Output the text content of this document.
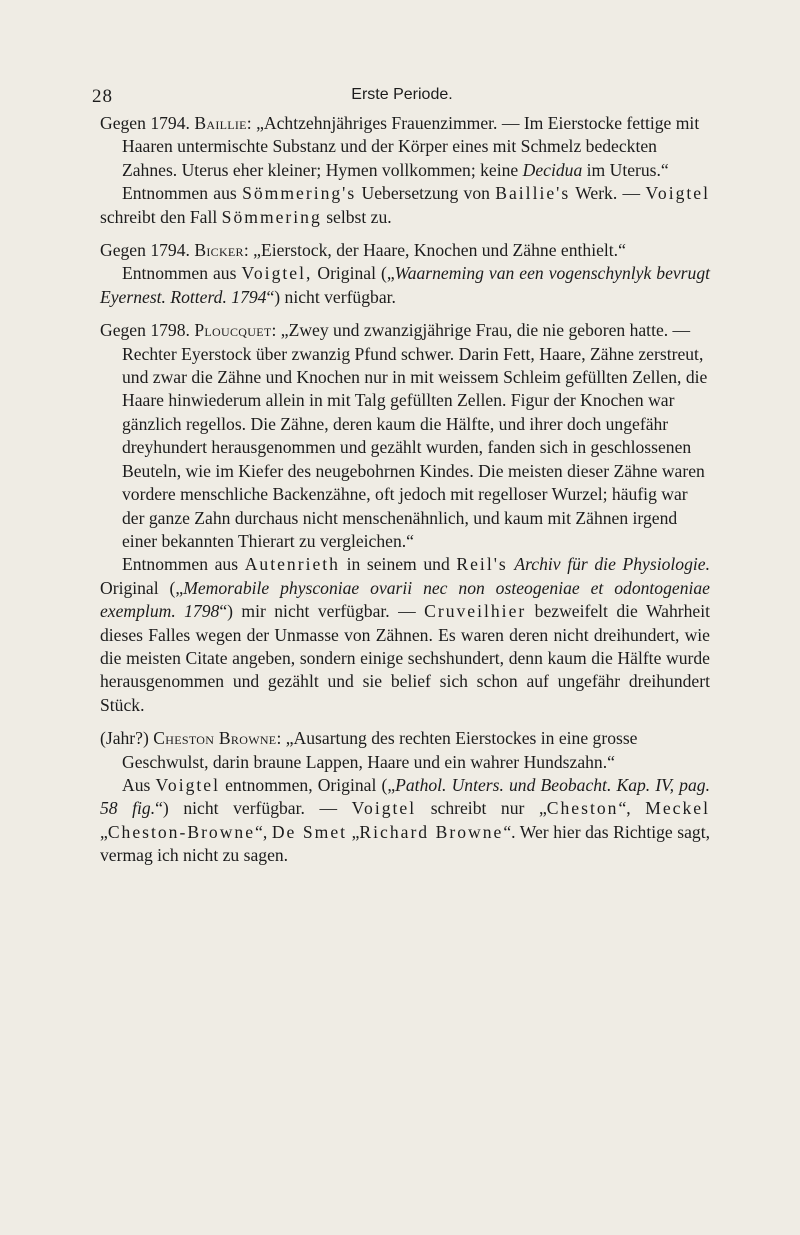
28	Erste Periode.

Gegen 1794. Baillie: „Achtzehnjähriges Frauenzimmer. — Im Eierstocke fettige mit Haaren untermischte Substanz und der Körper eines mit Schmelz bedeckten Zahnes. Uterus eher kleiner; Hymen vollkommen; keine Decidua im Uterus.“

Entnommen aus Sömmering's Uebersetzung von Baillie's Werk. — Voigtel schreibt den Fall Sömmering selbst zu.

Gegen 1794. Bicker: „Eierstock, der Haare, Knochen und Zähne enthielt.“

Entnommen aus Voigtel, Original („Waarneming van een vogenschynlyk bevrugt Eyernest. Rotterd. 1794“) nicht verfügbar.

Gegen 1798. Ploucquet: „Zwey und zwanzigjährige Frau, die nie geboren hatte. — Rechter Eyerstock über zwanzig Pfund schwer. Darin Fett, Haare, Zähne zerstreut, und zwar die Zähne und Knochen nur in mit weissem Schleim gefüllten Zellen, die Haare hinwiederum allein in mit Talg gefüllten Zellen. Figur der Knochen war gänzlich regellos. Die Zähne, deren kaum die Hälfte, und ihrer doch ungefähr dreyhundert herausgenommen und gezählt wurden, fanden sich in geschlossenen Beuteln, wie im Kiefer des neugebohrnen Kindes. Die meisten dieser Zähne waren vordere menschliche Backenzähne, oft jedoch mit regelloser Wurzel; häufig war der ganze Zahn durchaus nicht menschenähnlich, und kaum mit Zähnen irgend einer bekannten Thierart zu vergleichen.“

Entnommen aus Autenrieth in seinem und Reil's Archiv für die Physiologie. Original („Memorabile physconiae ovarii nec non osteogeniae et odontogeniae exemplum. 1798“) mir nicht verfügbar. — Cruveilhier bezweifelt die Wahrheit dieses Falles wegen der Unmasse von Zähnen. Es waren deren nicht dreihundert, wie die meisten Citate angeben, sondern einige sechshundert, denn kaum die Hälfte wurde herausgenommen und gezählt und sie belief sich schon auf ungefähr dreihundert Stück.

(Jahr?) Cheston Browne: „Ausartung des rechten Eierstockes in eine grosse Geschwulst, darin braune Lappen, Haare und ein wahrer Hundszahn.“

Aus Voigtel entnommen, Original („Pathol. Unters. und Beobacht. Kap. IV, pag. 58 fig.“) nicht verfügbar. — Voigtel schreibt nur „Cheston“, Meckel „Cheston-Browne“, De Smet „Richard Browne“. Wer hier das Richtige sagt, vermag ich nicht zu sagen.
